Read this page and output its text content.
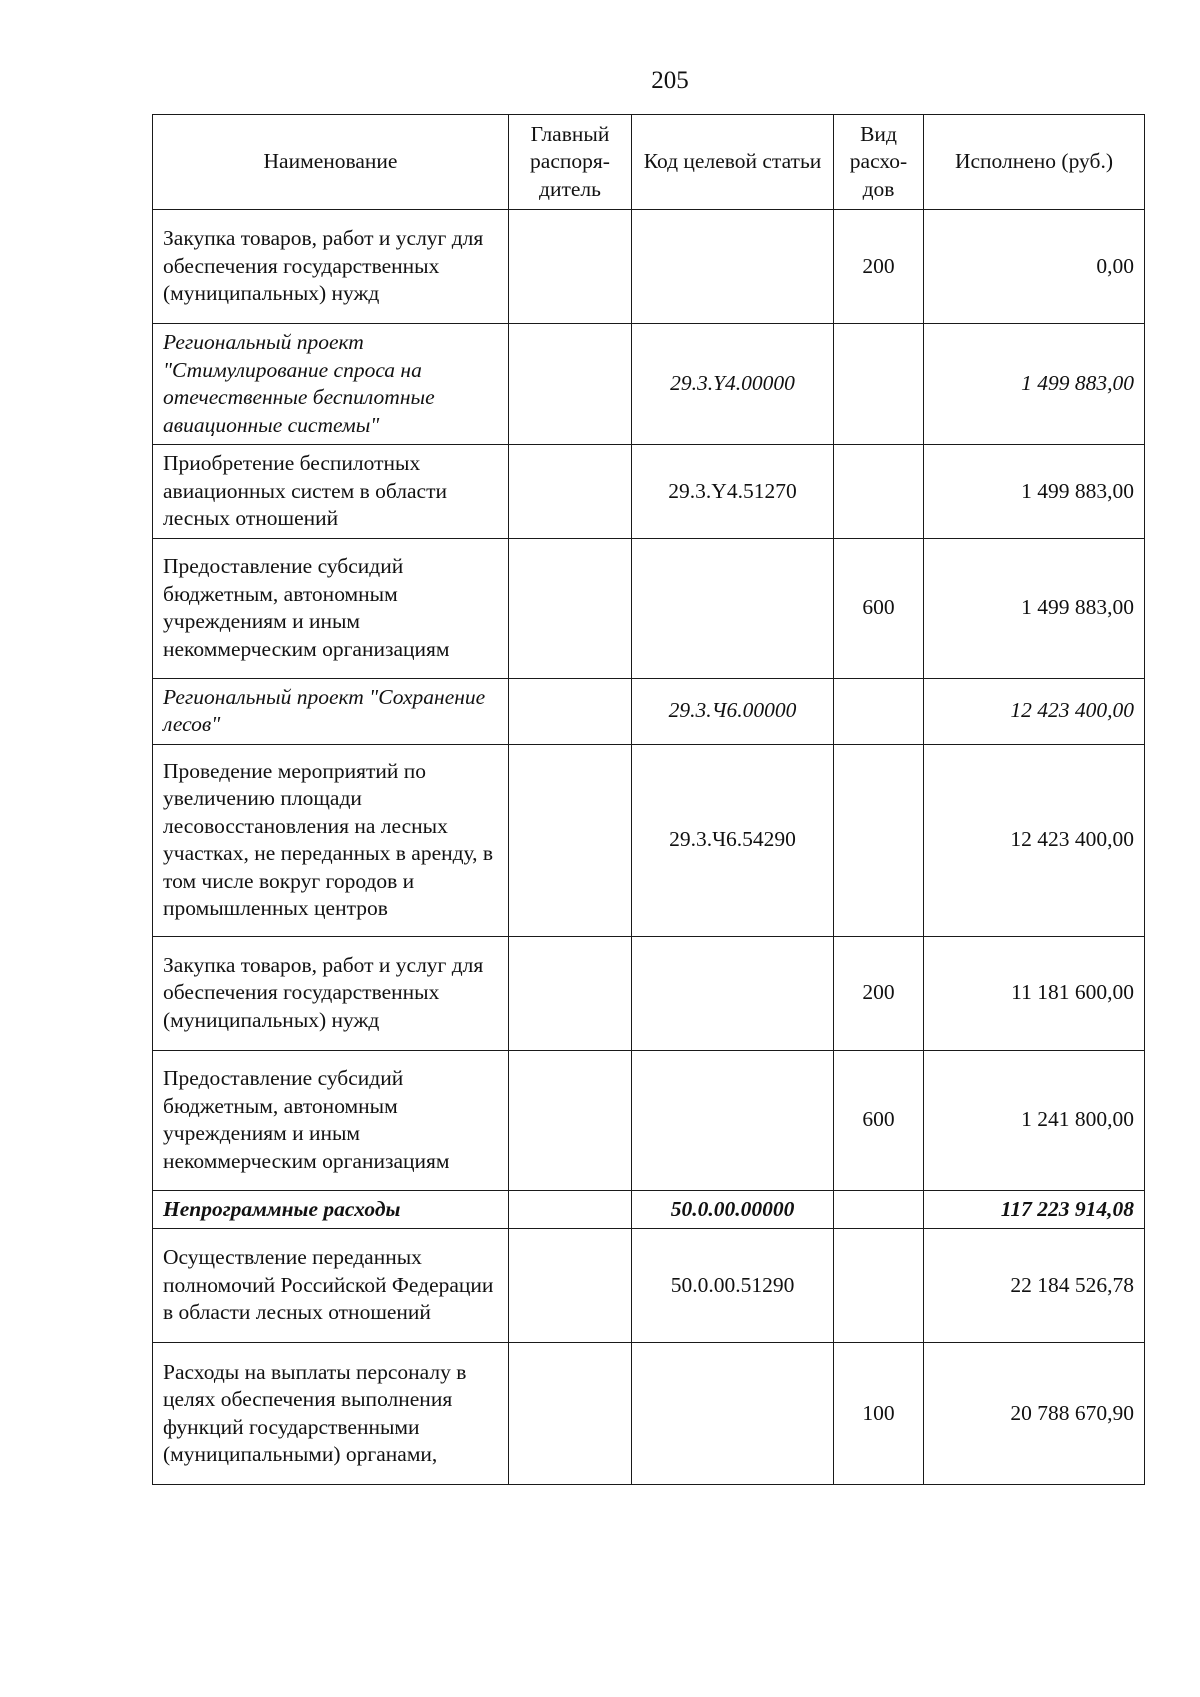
205
Наименование	Главный распоря-дитель	Код целевой статьи	Вид расхо-дов	Исполнено (руб.)
Закупка товаров, работ и услуг для обеспечения государственных (муниципальных) нужд			200	0,00
Региональный проект "Стимулирование спроса на отечественные беспилотные авиационные системы"		29.3.Y4.00000		1 499 883,00
Приобретение беспилотных авиационных систем в области лесных отношений		29.3.Y4.51270		1 499 883,00
Предоставление субсидий бюджетным, автономным учреждениям и иным некоммерческим организациям			600	1 499 883,00
Региональный проект "Сохранение лесов"		29.3.Ч6.00000		12 423 400,00
Проведение мероприятий по увеличению площади лесовосстановления на лесных участках, не переданных в аренду, в том числе вокруг городов и промышленных центров		29.3.Ч6.54290		12 423 400,00
Закупка товаров, работ и услуг для обеспечения государственных (муниципальных) нужд			200	11 181 600,00
Предоставление субсидий бюджетным, автономным учреждениям и иным некоммерческим организациям			600	1 241 800,00
Непрограммные расходы		50.0.00.00000		117 223 914,08
Осуществление переданных полномочий Российской Федерации в области лесных отношений		50.0.00.51290		22 184 526,78
Расходы на выплаты персоналу в целях обеспечения выполнения функций государственными (муниципальными) органами,			100	20 788 670,90
